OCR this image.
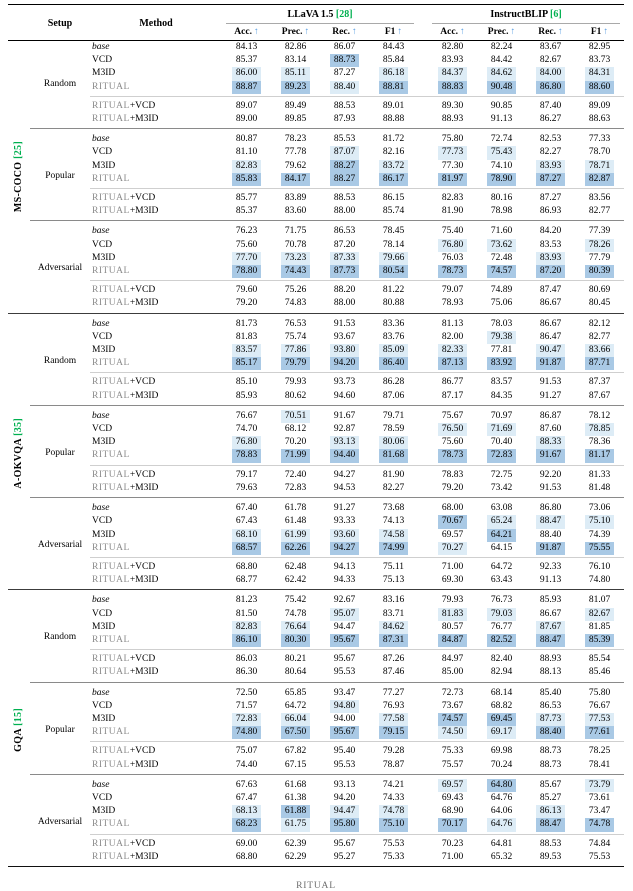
	Setup	Method	LLaVA 1.5 [28]					InstructBLIP [6]			

			Acc. ↑	Prec. ↑	Rec. ↑	F1 ↑		Acc. ↑	Prec. ↑	Rec. ↑	F1 ↑

MS-COCO [25]	Random	base	84.13	82.86	86.07	84.43		82.80	82.24	83.67	82.95
		VCD	85.37	83.14	88.73	85.84		83.93	84.42	82.67	83.73
		M3ID	86.00	85.11	87.27	86.18		84.37	84.62	84.00	84.31
		RITUAL	88.87	89.23	88.40	88.81		88.83	90.48	86.80	88.60
		RITUAL+VCD	89.07	89.49	88.53	89.01		89.30	90.85	87.40	89.09
		RITUAL+M3ID	89.00	89.85	87.93	88.88		88.93	91.13	86.27	88.63
	Popular	base	80.87	78.23	85.53	81.72		75.80	72.74	82.53	77.33
		VCD	81.10	77.78	87.07	82.16		77.73	75.43	82.27	78.70
		M3ID	82.83	79.62	88.27	83.72		77.30	74.10	83.93	78.71
		RITUAL	85.83	84.17	88.27	86.17		81.97	78.90	87.27	82.87
		RITUAL+VCD	85.77	83.89	88.53	86.15		82.83	80.16	87.27	83.56
		RITUAL+M3ID	85.37	83.60	88.00	85.74		81.90	78.98	86.93	82.77
	Adversarial	base	76.23	71.75	86.53	78.45		75.40	71.60	84.20	77.39
		VCD	75.60	70.78	87.20	78.14		76.80	73.62	83.53	78.26
		M3ID	77.70	73.23	87.33	79.66		76.03	72.48	83.93	77.79
		RITUAL	78.80	74.43	87.73	80.54		78.73	74.57	87.20	80.39
		RITUAL+VCD	79.60	75.26	88.20	81.22		79.07	74.89	87.47	80.69
		RITUAL+M3ID	79.20	74.83	88.00	80.88		78.93	75.06	86.67	80.45

A-OKVQA [35]	Random	base	81.73	76.53	91.53	83.36		81.13	78.03	86.67	82.12
		VCD	81.83	75.74	93.67	83.76		82.00	79.38	86.47	82.77
		M3ID	83.57	77.86	93.80	85.09		82.33	77.81	90.47	83.66
		RITUAL	85.17	79.79	94.20	86.40		87.13	83.92	91.87	87.71
		RITUAL+VCD	85.10	79.93	93.73	86.28		86.77	83.57	91.53	87.37
		RITUAL+M3ID	85.93	80.62	94.60	87.06		87.17	84.35	91.27	87.67
	Popular	base	76.67	70.51	91.67	79.71		75.67	70.97	86.87	78.12
		VCD	74.70	68.12	92.87	78.59		76.50	71.69	87.60	78.85
		M3ID	76.80	70.20	93.13	80.06		75.60	70.40	88.33	78.36
		RITUAL	78.83	71.99	94.40	81.68		78.73	72.83	91.67	81.17
		RITUAL+VCD	79.17	72.40	94.27	81.90		78.83	72.75	92.20	81.33
		RITUAL+M3ID	79.63	72.83	94.53	82.27		79.20	73.42	91.53	81.48
	Adversarial	base	67.40	61.78	91.27	73.68		68.00	63.08	86.80	73.06
		VCD	67.43	61.48	93.33	74.13		70.67	65.24	88.47	75.10
		M3ID	68.10	61.99	93.60	74.58		69.57	64.21	88.40	74.39
		RITUAL	68.57	62.26	94.27	74.99		70.27	64.15	91.87	75.55
		RITUAL+VCD	68.80	62.48	94.13	75.11		71.00	64.72	92.33	76.10
		RITUAL+M3ID	68.77	62.42	94.33	75.13		69.30	63.43	91.13	74.80

GQA [15]	Random	base	81.23	75.42	92.67	83.16		79.93	76.73	85.93	81.07
		VCD	81.50	74.78	95.07	83.71		81.83	79.03	86.67	82.67
		M3ID	82.83	76.64	94.47	84.62		80.57	76.77	87.67	81.85
		RITUAL	86.10	80.30	95.67	87.31		84.87	82.52	88.47	85.39
		RITUAL+VCD	86.03	80.21	95.67	87.26		84.97	82.40	88.93	85.54
		RITUAL+M3ID	86.30	80.64	95.53	87.46		85.00	82.94	88.13	85.46
	Popular	base	72.50	65.85	93.47	77.27		72.73	68.14	85.40	75.80
		VCD	71.57	64.72	94.80	76.93		73.67	68.82	86.53	76.67
		M3ID	72.83	66.04	94.00	77.58		74.57	69.45	87.73	77.53
		RITUAL	74.80	67.50	95.67	79.15		74.50	69.17	88.40	77.61
		RITUAL+VCD	75.07	67.82	95.40	79.28		75.33	69.98	88.73	78.25
		RITUAL+M3ID	74.40	67.15	95.53	78.87		75.57	70.24	88.73	78.41
	Adversarial	base	67.63	61.68	93.13	74.21		69.57	64.80	85.67	73.79
		VCD	67.47	61.38	94.20	74.33		69.43	64.76	85.27	73.61
		M3ID	68.13	61.88	94.47	74.78		68.90	64.06	86.13	73.47
		RITUAL	68.23	61.75	95.80	75.10		70.17	64.76	88.47	74.78
		RITUAL+VCD	69.00	62.39	95.67	75.53		70.23	64.81	88.53	74.84
		RITUAL+M3ID	68.80	62.29	95.27	75.33		71.00	65.32	89.53	75.53
RITUAL
